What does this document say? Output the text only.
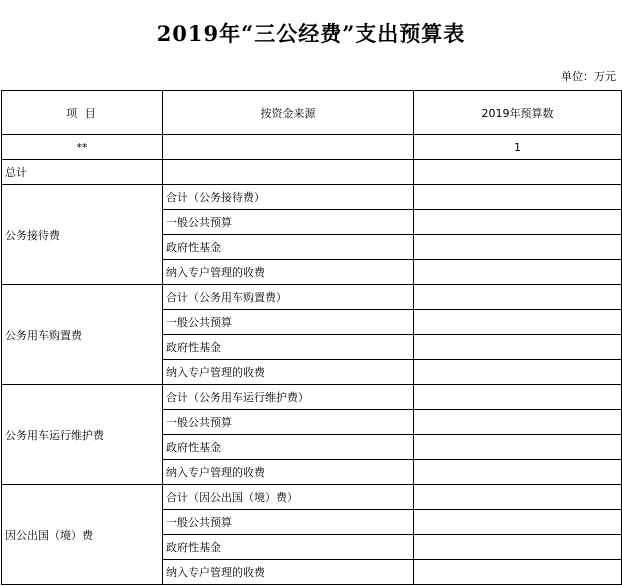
2019年“三公经费”支出预算表
单位：万元
项 目	按资金来源	2019年预算数
**		1
总计		
公务接待费	合计（公务接待费）	
	一般公共预算	
	政府性基金	
	纳入专户管理的收费	
公务用车购置费	合计（公务用车购置费）	
	一般公共预算	
	政府性基金	
	纳入专户管理的收费	
公务用车运行维护费	合计（公务用车运行维护费）	
	一般公共预算	
	政府性基金	
	纳入专户管理的收费	
因公出国（境）费	合计（因公出国（境）费）	
	一般公共预算	
	政府性基金	
	纳入专户管理的收费	
